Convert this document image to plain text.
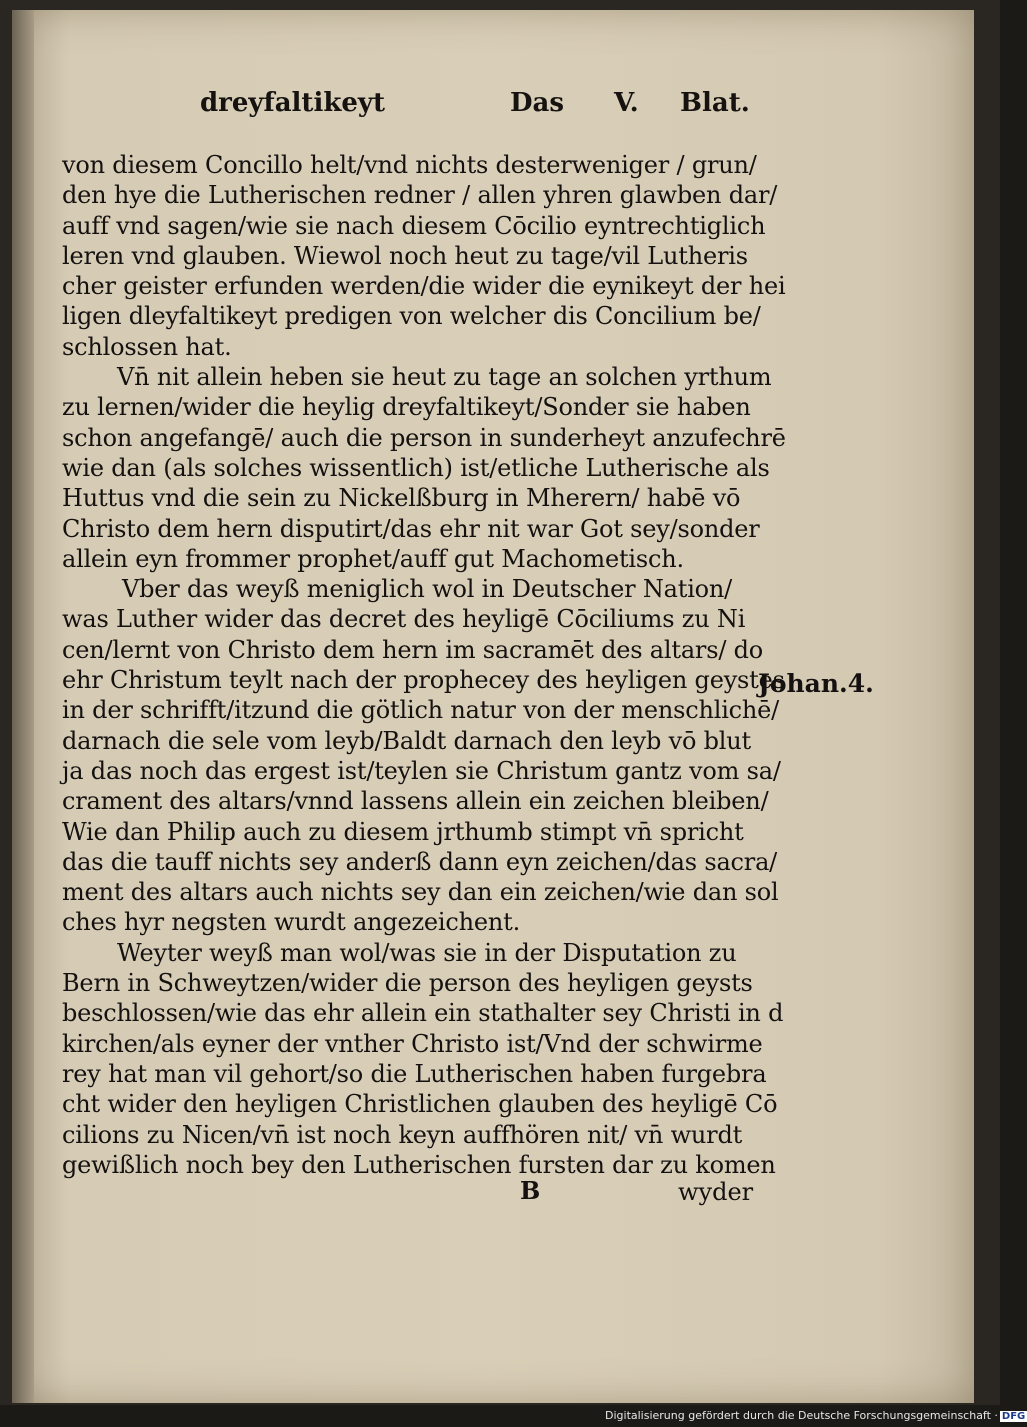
dreyfaltikeyt	Das V. Blat.
von diesem Concillo helt/vnd nichts desterweniger / grun/
den hye die Lutherischen redner / allen yhren glawben dar/
auff vnd sagen/wie sie nach diesem Cōcilio eyntrechtiglich
leren vnd glauben. Wiewol noch heut zu tage/vil Lutheris
cher geister erfunden werden/die wider die eynikeyt der hei
ligen dleyfaltikeyt predigen von welcher dis Concilium be/
schlossen hat.
Vn̄ nit allein heben sie heut zu tage an solchen yrthum
zu lernen/wider die heylig dreyfaltikeyt/Sonder sie haben
schon angefangē/ auch die person in sunderheyt anzufechrē
wie dan (als solches wissentlich) ist/etliche Lutherische als
Huttus vnd die sein zu Nickelßburg in Mherern/ habē vō
Christo dem hern disputirt/das ehr nit war Got sey/sonder
allein eyn frommer prophet/auff gut Machometisch.
Vber das weyß meniglich wol in Deutscher Nation/
was Luther wider das decret des heyligē Cōciliums zu Ni
cen/lernt von Christo dem hern im sacramēt des altars/ do
ehr Christum teylt nach der prophecey des heyligen geystes
in der schrifft/itzund die götlich natur von der menschlichē/
darnach die sele vom leyb/Baldt darnach den leyb vō blut
ja das noch das ergest ist/teylen sie Christum gantz vom sa/
crament des altars/vnnd lassens allein ein zeichen bleiben/
Wie dan Philip auch zu diesem jrthumb stimpt vn̄ spricht
das die tauff nichts sey anderß dann eyn zeichen/das sacra/
ment des altars auch nichts sey dan ein zeichen/wie dan sol
ches hyr negsten wurdt angezeichent.
Weyter weyß man wol/was sie in der Disputation zu
Bern in Schweytzen/wider die person des heyligen geysts
beschlossen/wie das ehr allein ein stathalter sey Christi in d
kirchen/als eyner der vnther Christo ist/Vnd der schwirme
rey hat man vil gehort/so die Lutherischen haben furgebra
cht wider den heyligen Christlichen glauben des heyligē Cō
cilions zu Nicen/vn̄ ist noch keyn auffhören nit/ vn̄ wurdt
gewißlich noch bey den Lutherischen fursten dar zu komen
Johan.4.
B	wyder
Digitalisierung gefördert durch die Deutsche Forschungsgemeinschaft · DFG
